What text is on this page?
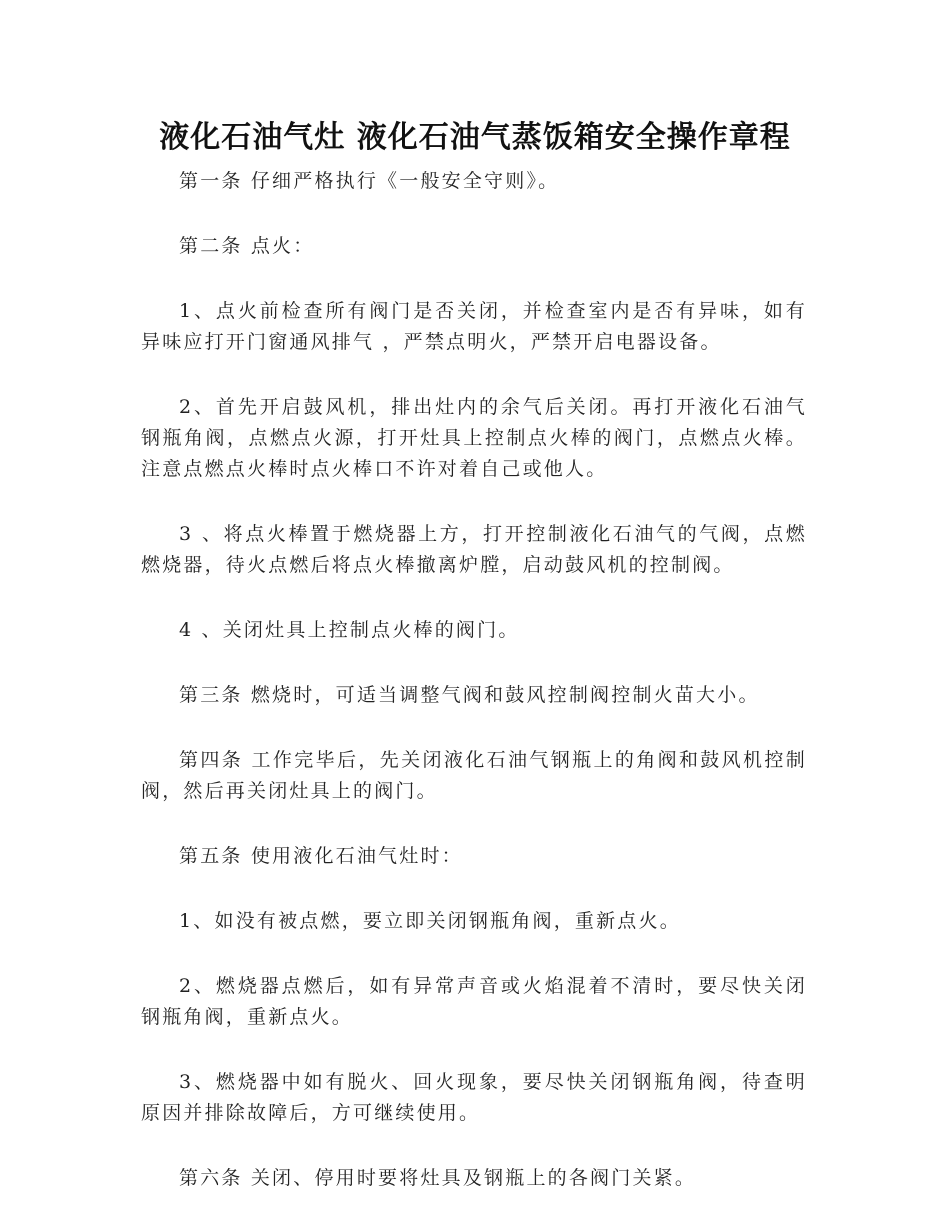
液化石油气灶 液化石油气蒸饭箱安全操作章程

第一条 仔细严格执行《一般安全守则》。

第二条 点火：

1、点火前检查所有阀门是否关闭，并检查室内是否有异味，如有异味应打开门窗通风排气 ，严禁点明火，严禁开启电器设备。

2、首先开启鼓风机，排出灶内的余气后关闭。再打开液化石油气钢瓶角阀，点燃点火源，打开灶具上控制点火棒的阀门，点燃点火棒。注意点燃点火棒时点火棒口不许对着自己或他人。

3 、将点火棒置于燃烧器上方，打开控制液化石油气的气阀，点燃燃烧器，待火点燃后将点火棒撤离炉膛，启动鼓风机的控制阀。

4 、关闭灶具上控制点火棒的阀门。

第三条 燃烧时，可适当调整气阀和鼓风控制阀控制火苗大小。

第四条 工作完毕后，先关闭液化石油气钢瓶上的角阀和鼓风机控制阀，然后再关闭灶具上的阀门。

第五条 使用液化石油气灶时：

1、如没有被点燃，要立即关闭钢瓶角阀，重新点火。

2、燃烧器点燃后，如有异常声音或火焰混着不清时，要尽快关闭钢瓶角阀，重新点火。

3、燃烧器中如有脱火、回火现象，要尽快关闭钢瓶角阀，待查明原因并排除故障后，方可继续使用。

第六条 关闭、停用时要将灶具及钢瓶上的各阀门关紧。
